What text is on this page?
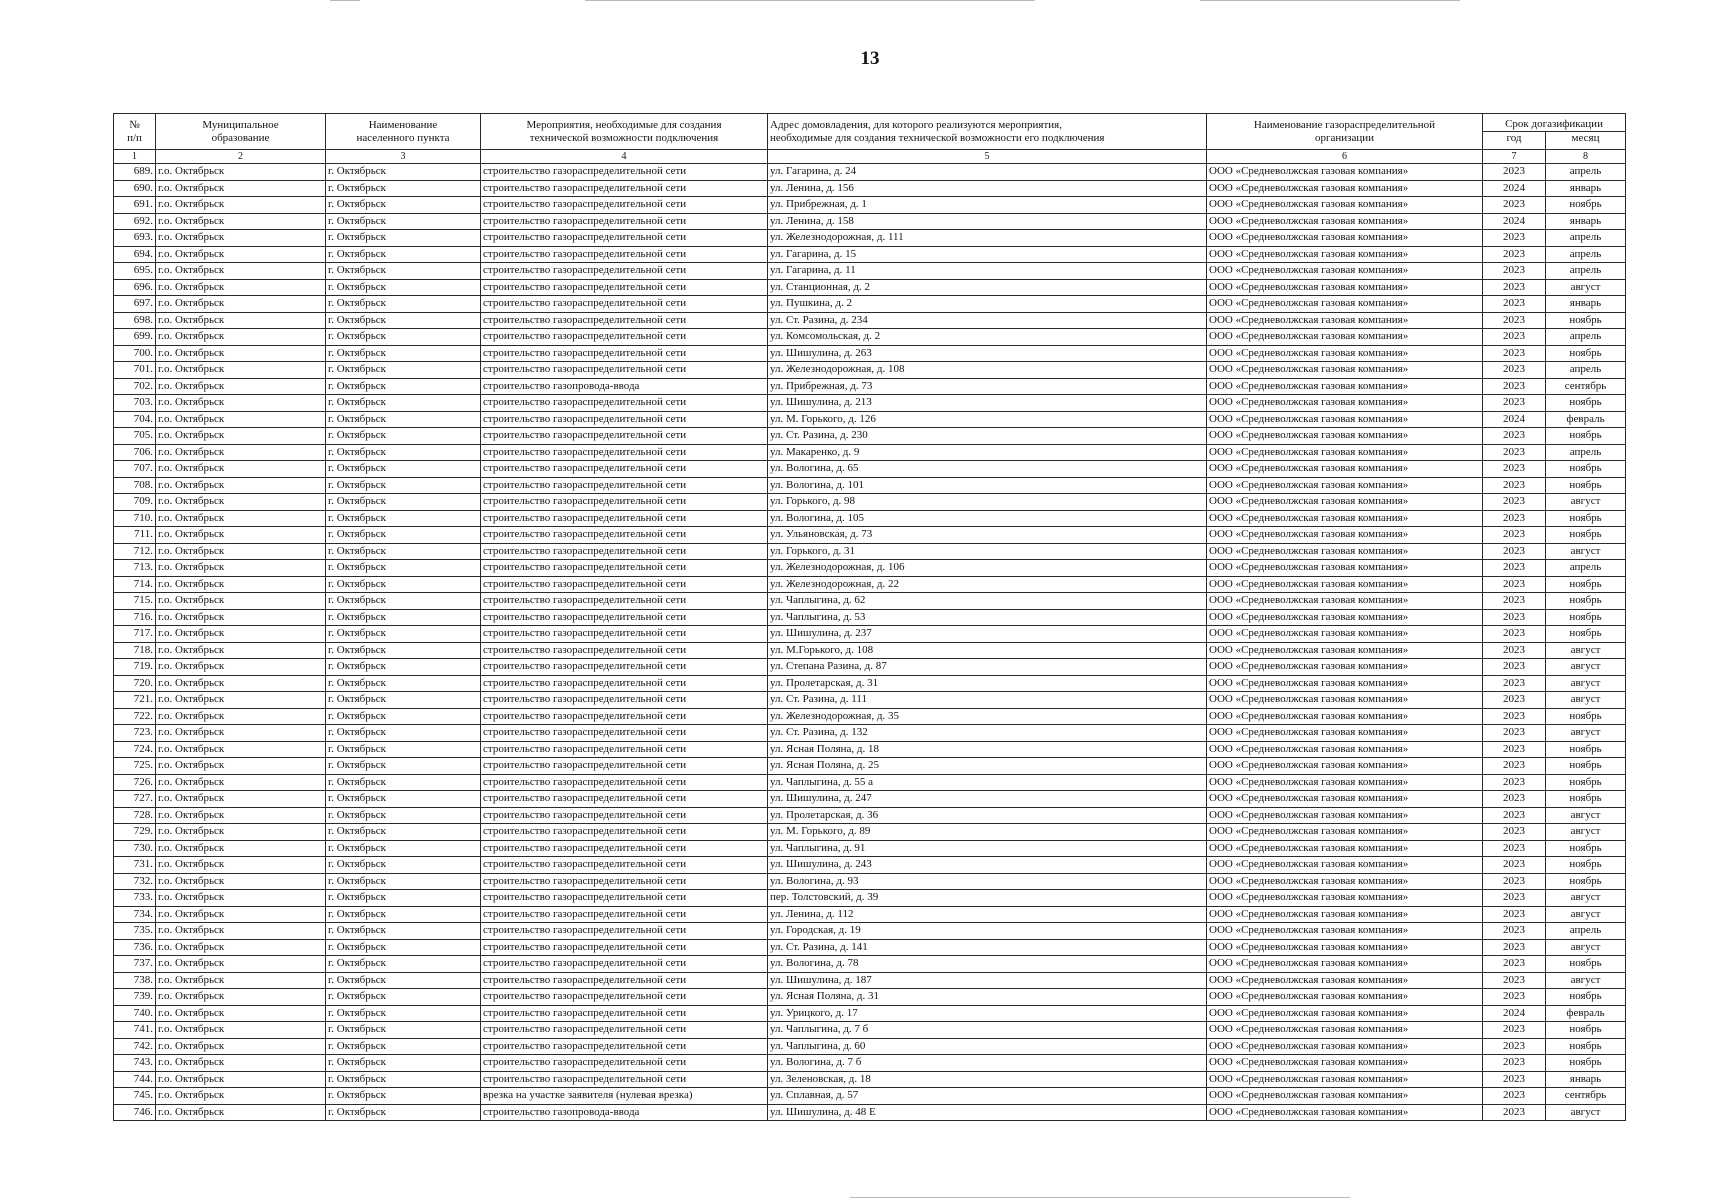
13
№	Муниципальное	Наименование	Мероприятия, необходимые для создания	Адрес домовладения, для которого реализуются мероприятия,	Наименование газораспределительной	Срок догазификации	
п/п	образование	населенного пункта	технической возможности подключения	необходимые для создания технической возможности его подключения	организации	год	месяц
1	2	3	4	5	6	7	8
689.	г.о. Октябрьск	г. Октябрьск	строительство газораспределительной сети	ул. Гагарина, д. 24	ООО «Средневолжская газовая компания»	2023	апрель
690.	г.о. Октябрьск	г. Октябрьск	строительство газораспределительной сети	ул. Ленина, д. 156	ООО «Средневолжская газовая компания»	2024	январь
691.	г.о. Октябрьск	г. Октябрьск	строительство газораспределительной сети	ул. Прибрежная, д. 1	ООО «Средневолжская газовая компания»	2023	ноябрь
692.	г.о. Октябрьск	г. Октябрьск	строительство газораспределительной сети	ул. Ленина, д. 158	ООО «Средневолжская газовая компания»	2024	январь
693.	г.о. Октябрьск	г. Октябрьск	строительство газораспределительной сети	ул. Железнодорожная, д. 111	ООО «Средневолжская газовая компания»	2023	апрель
694.	г.о. Октябрьск	г. Октябрьск	строительство газораспределительной сети	ул. Гагарина, д. 15	ООО «Средневолжская газовая компания»	2023	апрель
695.	г.о. Октябрьск	г. Октябрьск	строительство газораспределительной сети	ул. Гагарина, д. 11	ООО «Средневолжская газовая компания»	2023	апрель
696.	г.о. Октябрьск	г. Октябрьск	строительство газораспределительной сети	ул. Станционная, д. 2	ООО «Средневолжская газовая компания»	2023	август
697.	г.о. Октябрьск	г. Октябрьск	строительство газораспределительной сети	ул. Пушкина, д. 2	ООО «Средневолжская газовая компания»	2023	январь
698.	г.о. Октябрьск	г. Октябрьск	строительство газораспределительной сети	ул. Ст. Разина, д. 234	ООО «Средневолжская газовая компания»	2023	ноябрь
699.	г.о. Октябрьск	г. Октябрьск	строительство газораспределительной сети	ул. Комсомольская, д. 2	ООО «Средневолжская газовая компания»	2023	апрель
700.	г.о. Октябрьск	г. Октябрьск	строительство газораспределительной сети	ул. Шишулина, д. 263	ООО «Средневолжская газовая компания»	2023	ноябрь
701.	г.о. Октябрьск	г. Октябрьск	строительство газораспределительной сети	ул. Железнодорожная, д. 108	ООО «Средневолжская газовая компания»	2023	апрель
702.	г.о. Октябрьск	г. Октябрьск	строительство газопровода-ввода	ул. Прибрежная, д. 73	ООО «Средневолжская газовая компания»	2023	сентябрь
703.	г.о. Октябрьск	г. Октябрьск	строительство газораспределительной сети	ул. Шишулина, д. 213	ООО «Средневолжская газовая компания»	2023	ноябрь
704.	г.о. Октябрьск	г. Октябрьск	строительство газораспределительной сети	ул. М. Горького, д. 126	ООО «Средневолжская газовая компания»	2024	февраль
705.	г.о. Октябрьск	г. Октябрьск	строительство газораспределительной сети	ул. Ст. Разина, д. 230	ООО «Средневолжская газовая компания»	2023	ноябрь
706.	г.о. Октябрьск	г. Октябрьск	строительство газораспределительной сети	ул. Макаренко, д. 9	ООО «Средневолжская газовая компания»	2023	апрель
707.	г.о. Октябрьск	г. Октябрьск	строительство газораспределительной сети	ул. Вологина, д. 65	ООО «Средневолжская газовая компания»	2023	ноябрь
708.	г.о. Октябрьск	г. Октябрьск	строительство газораспределительной сети	ул. Вологина, д. 101	ООО «Средневолжская газовая компания»	2023	ноябрь
709.	г.о. Октябрьск	г. Октябрьск	строительство газораспределительной сети	ул. Горького, д. 98	ООО «Средневолжская газовая компания»	2023	август
710.	г.о. Октябрьск	г. Октябрьск	строительство газораспределительной сети	ул. Вологина, д. 105	ООО «Средневолжская газовая компания»	2023	ноябрь
711.	г.о. Октябрьск	г. Октябрьск	строительство газораспределительной сети	ул. Ульяновская, д. 73	ООО «Средневолжская газовая компания»	2023	ноябрь
712.	г.о. Октябрьск	г. Октябрьск	строительство газораспределительной сети	ул. Горького, д. 31	ООО «Средневолжская газовая компания»	2023	август
713.	г.о. Октябрьск	г. Октябрьск	строительство газораспределительной сети	ул. Железнодорожная, д. 106	ООО «Средневолжская газовая компания»	2023	апрель
714.	г.о. Октябрьск	г. Октябрьск	строительство газораспределительной сети	ул. Железнодорожная, д. 22	ООО «Средневолжская газовая компания»	2023	ноябрь
715.	г.о. Октябрьск	г. Октябрьск	строительство газораспределительной сети	ул. Чаплыгина, д. 62	ООО «Средневолжская газовая компания»	2023	ноябрь
716.	г.о. Октябрьск	г. Октябрьск	строительство газораспределительной сети	ул. Чаплыгина, д. 53	ООО «Средневолжская газовая компания»	2023	ноябрь
717.	г.о. Октябрьск	г. Октябрьск	строительство газораспределительной сети	ул. Шишулина, д. 237	ООО «Средневолжская газовая компания»	2023	ноябрь
718.	г.о. Октябрьск	г. Октябрьск	строительство газораспределительной сети	ул. М.Горького, д. 108	ООО «Средневолжская газовая компания»	2023	август
719.	г.о. Октябрьск	г. Октябрьск	строительство газораспределительной сети	ул. Степана Разина, д. 87	ООО «Средневолжская газовая компания»	2023	август
720.	г.о. Октябрьск	г. Октябрьск	строительство газораспределительной сети	ул. Пролетарская, д. 31	ООО «Средневолжская газовая компания»	2023	август
721.	г.о. Октябрьск	г. Октябрьск	строительство газораспределительной сети	ул. Ст. Разина, д. 111	ООО «Средневолжская газовая компания»	2023	август
722.	г.о. Октябрьск	г. Октябрьск	строительство газораспределительной сети	ул. Железнодорожная, д. 35	ООО «Средневолжская газовая компания»	2023	ноябрь
723.	г.о. Октябрьск	г. Октябрьск	строительство газораспределительной сети	ул. Ст. Разина, д. 132	ООО «Средневолжская газовая компания»	2023	август
724.	г.о. Октябрьск	г. Октябрьск	строительство газораспределительной сети	ул. Ясная Поляна, д. 18	ООО «Средневолжская газовая компания»	2023	ноябрь
725.	г.о. Октябрьск	г. Октябрьск	строительство газораспределительной сети	ул. Ясная Поляна, д. 25	ООО «Средневолжская газовая компания»	2023	ноябрь
726.	г.о. Октябрьск	г. Октябрьск	строительство газораспределительной сети	ул. Чаплыгина, д. 55 а	ООО «Средневолжская газовая компания»	2023	ноябрь
727.	г.о. Октябрьск	г. Октябрьск	строительство газораспределительной сети	ул. Шишулина, д. 247	ООО «Средневолжская газовая компания»	2023	ноябрь
728.	г.о. Октябрьск	г. Октябрьск	строительство газораспределительной сети	ул. Пролетарская, д. 36	ООО «Средневолжская газовая компания»	2023	август
729.	г.о. Октябрьск	г. Октябрьск	строительство газораспределительной сети	ул. М. Горького, д. 89	ООО «Средневолжская газовая компания»	2023	август
730.	г.о. Октябрьск	г. Октябрьск	строительство газораспределительной сети	ул. Чаплыгина, д. 91	ООО «Средневолжская газовая компания»	2023	ноябрь
731.	г.о. Октябрьск	г. Октябрьск	строительство газораспределительной сети	ул. Шишулина, д. 243	ООО «Средневолжская газовая компания»	2023	ноябрь
732.	г.о. Октябрьск	г. Октябрьск	строительство газораспределительной сети	ул. Вологина, д. 93	ООО «Средневолжская газовая компания»	2023	ноябрь
733.	г.о. Октябрьск	г. Октябрьск	строительство газораспределительной сети	пер. Толстовский, д. 39	ООО «Средневолжская газовая компания»	2023	август
734.	г.о. Октябрьск	г. Октябрьск	строительство газораспределительной сети	ул. Ленина, д. 112	ООО «Средневолжская газовая компания»	2023	август
735.	г.о. Октябрьск	г. Октябрьск	строительство газораспределительной сети	ул. Городская, д. 19	ООО «Средневолжская газовая компания»	2023	апрель
736.	г.о. Октябрьск	г. Октябрьск	строительство газораспределительной сети	ул. Ст. Разина, д. 141	ООО «Средневолжская газовая компания»	2023	август
737.	г.о. Октябрьск	г. Октябрьск	строительство газораспределительной сети	ул. Вологина, д. 78	ООО «Средневолжская газовая компания»	2023	ноябрь
738.	г.о. Октябрьск	г. Октябрьск	строительство газораспределительной сети	ул. Шишулина, д. 187	ООО «Средневолжская газовая компания»	2023	август
739.	г.о. Октябрьск	г. Октябрьск	строительство газораспределительной сети	ул. Ясная Поляна, д. 31	ООО «Средневолжская газовая компания»	2023	ноябрь
740.	г.о. Октябрьск	г. Октябрьск	строительство газораспределительной сети	ул. Урицкого, д. 17	ООО «Средневолжская газовая компания»	2024	февраль
741.	г.о. Октябрьск	г. Октябрьск	строительство газораспределительной сети	ул. Чаплыгина, д. 7 б	ООО «Средневолжская газовая компания»	2023	ноябрь
742.	г.о. Октябрьск	г. Октябрьск	строительство газораспределительной сети	ул. Чаплыгина, д. 60	ООО «Средневолжская газовая компания»	2023	ноябрь
743.	г.о. Октябрьск	г. Октябрьск	строительство газораспределительной сети	ул. Вологина, д. 7 б	ООО «Средневолжская газовая компания»	2023	ноябрь
744.	г.о. Октябрьск	г. Октябрьск	строительство газораспределительной сети	ул. Зеленовская, д. 18	ООО «Средневолжская газовая компания»	2023	январь
745.	г.о. Октябрьск	г. Октябрьск	врезка на участке заявителя (нулевая врезка)	ул. Сплавная, д. 57	ООО «Средневолжская газовая компания»	2023	сентябрь
746.	г.о. Октябрьск	г. Октябрьск	строительство газопровода-ввода	ул. Шишулина, д. 48 Е	ООО «Средневолжская газовая компания»	2023	август
